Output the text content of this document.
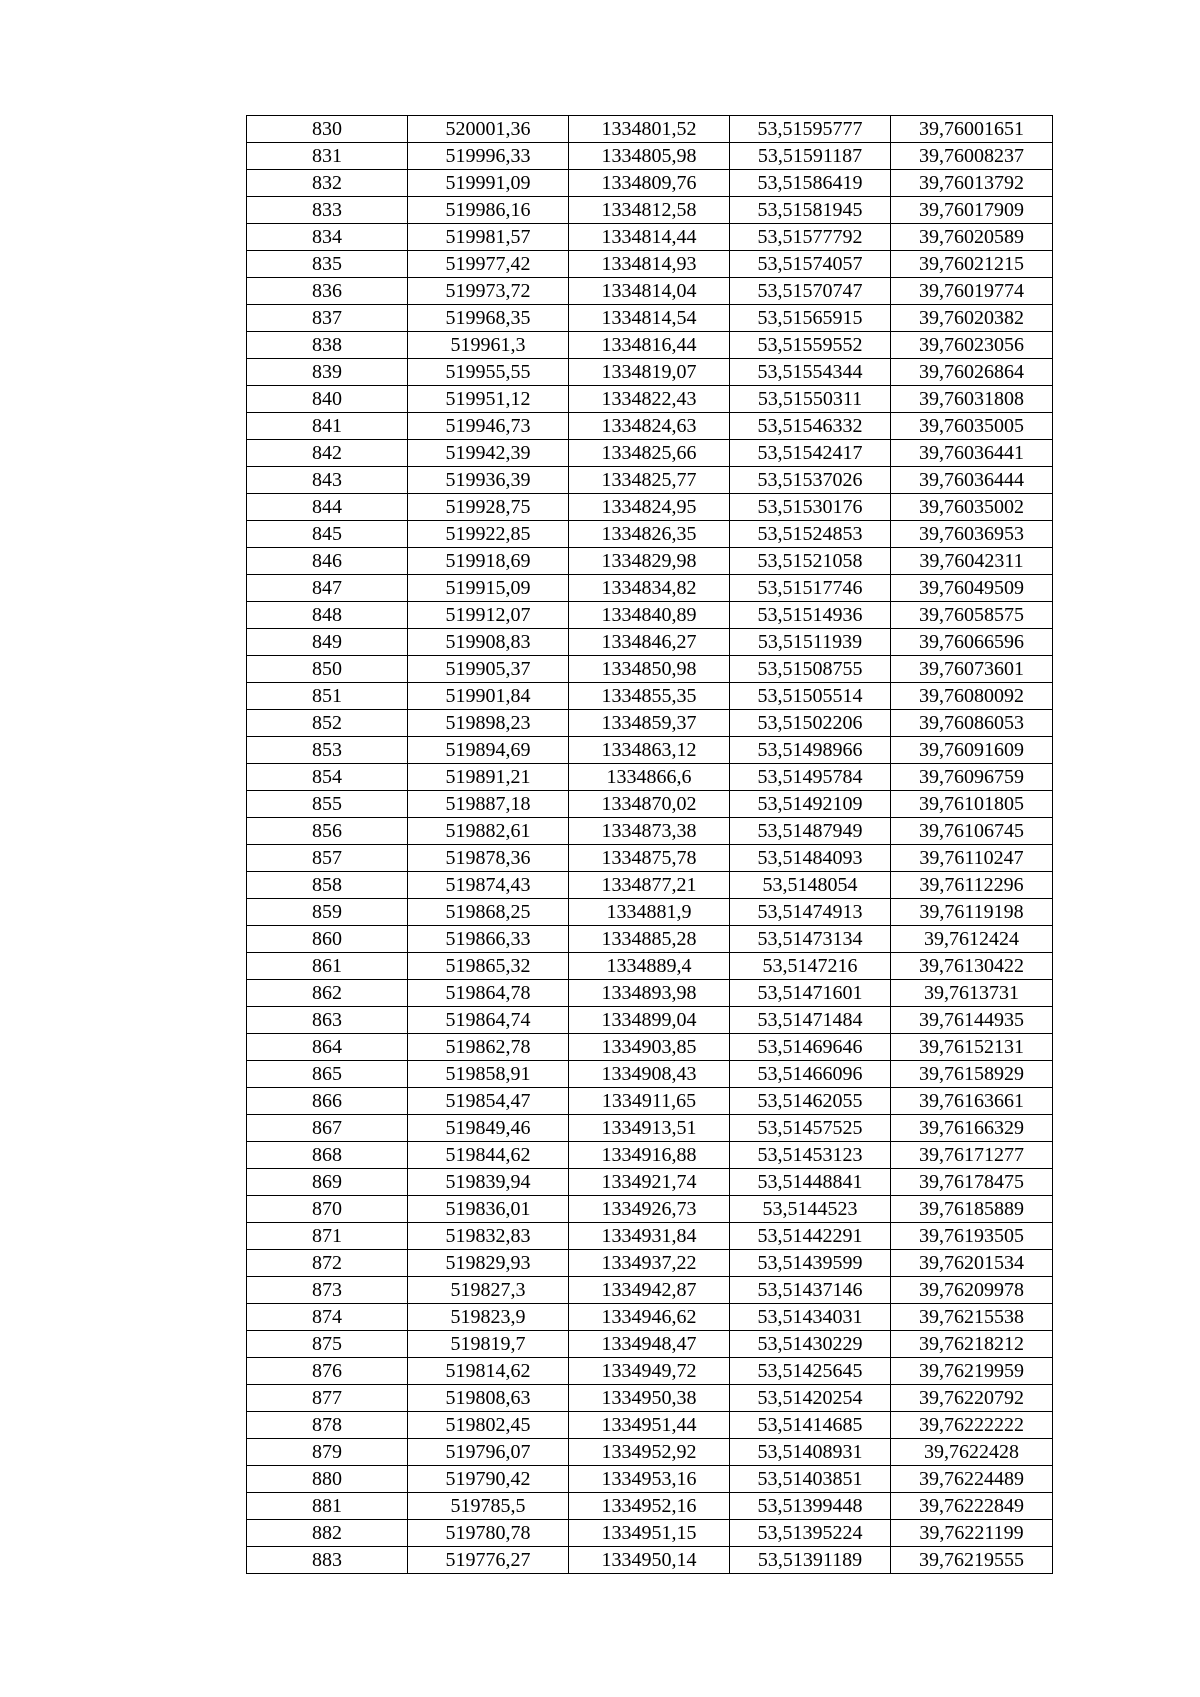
830	520001,36	1334801,52	53,51595777	39,76001651
831	519996,33	1334805,98	53,51591187	39,76008237
832	519991,09	1334809,76	53,51586419	39,76013792
833	519986,16	1334812,58	53,51581945	39,76017909
834	519981,57	1334814,44	53,51577792	39,76020589
835	519977,42	1334814,93	53,51574057	39,76021215
836	519973,72	1334814,04	53,51570747	39,76019774
837	519968,35	1334814,54	53,51565915	39,76020382
838	519961,3	1334816,44	53,51559552	39,76023056
839	519955,55	1334819,07	53,51554344	39,76026864
840	519951,12	1334822,43	53,51550311	39,76031808
841	519946,73	1334824,63	53,51546332	39,76035005
842	519942,39	1334825,66	53,51542417	39,76036441
843	519936,39	1334825,77	53,51537026	39,76036444
844	519928,75	1334824,95	53,51530176	39,76035002
845	519922,85	1334826,35	53,51524853	39,76036953
846	519918,69	1334829,98	53,51521058	39,76042311
847	519915,09	1334834,82	53,51517746	39,76049509
848	519912,07	1334840,89	53,51514936	39,76058575
849	519908,83	1334846,27	53,51511939	39,76066596
850	519905,37	1334850,98	53,51508755	39,76073601
851	519901,84	1334855,35	53,51505514	39,76080092
852	519898,23	1334859,37	53,51502206	39,76086053
853	519894,69	1334863,12	53,51498966	39,76091609
854	519891,21	1334866,6	53,51495784	39,76096759
855	519887,18	1334870,02	53,51492109	39,76101805
856	519882,61	1334873,38	53,51487949	39,76106745
857	519878,36	1334875,78	53,51484093	39,76110247
858	519874,43	1334877,21	53,5148054	39,76112296
859	519868,25	1334881,9	53,51474913	39,76119198
860	519866,33	1334885,28	53,51473134	39,7612424
861	519865,32	1334889,4	53,5147216	39,76130422
862	519864,78	1334893,98	53,51471601	39,7613731
863	519864,74	1334899,04	53,51471484	39,76144935
864	519862,78	1334903,85	53,51469646	39,76152131
865	519858,91	1334908,43	53,51466096	39,76158929
866	519854,47	1334911,65	53,51462055	39,76163661
867	519849,46	1334913,51	53,51457525	39,76166329
868	519844,62	1334916,88	53,51453123	39,76171277
869	519839,94	1334921,74	53,51448841	39,76178475
870	519836,01	1334926,73	53,5144523	39,76185889
871	519832,83	1334931,84	53,51442291	39,76193505
872	519829,93	1334937,22	53,51439599	39,76201534
873	519827,3	1334942,87	53,51437146	39,76209978
874	519823,9	1334946,62	53,51434031	39,76215538
875	519819,7	1334948,47	53,51430229	39,76218212
876	519814,62	1334949,72	53,51425645	39,76219959
877	519808,63	1334950,38	53,51420254	39,76220792
878	519802,45	1334951,44	53,51414685	39,76222222
879	519796,07	1334952,92	53,51408931	39,7622428
880	519790,42	1334953,16	53,51403851	39,76224489
881	519785,5	1334952,16	53,51399448	39,76222849
882	519780,78	1334951,15	53,51395224	39,76221199
883	519776,27	1334950,14	53,51391189	39,76219555
